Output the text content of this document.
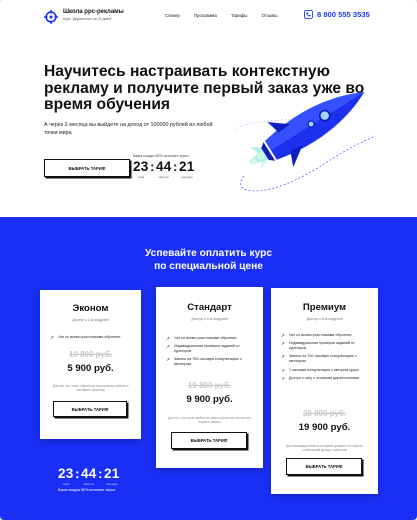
Школа ppc-рекламы
Курс "Директолог за 30 дней"
Спикер	Программа	Тарифы	Отзывы	8 800 555 3535
Научитесь настраивать контекстную рекламу и получите первый заказ уже во время обучения

А через 2 месяца вы выйдете на доход от 100000 рублей из любой точки мира

ВЫБРАТЬ ТАРИФ
Ваша скидка 50% истекает через
23
часа
: 44
минуты
: 21
секунды
Успевайте оплатить курс
по специальной цене
Эконом
Доступ к 2-м модулей
↗ Чат со всеми участниками обучения
10 800 руб.
5 900 руб.
Для тех, кто хочет обучиться на реальных кейсах и поставить практику
ВЫБРАТЬ ТАРИФ
Стандарт
Доступ к 4-м модулей
↗ Чат со всеми участниками обучения
↗ Индивидуальная проверка заданий от кураторов
↗ Запись на 700-часовую консультацию с ментором
19 800 руб.
9 900 руб.
Для тех, кто хочет выйти на запуск проектов и получить первые заказы
ВЫБРАТЬ ТАРИФ
Премиум
Доступ к 6-м модулей
↗ Чат со всеми участниками обучения
↗ Индивидуальная проверка заданий от кураторов
↗ Запись на 700-часовую консультацию с ментором
↗ 1 часовая консультация с автором курса
↗ Доступ к чату с готовыми директологами
38 800 руб.
19 900 руб.
Для желающих выйти на новый уровень и получить стабильный доход с клиентов
ВЫБРАТЬ ТАРИФ
23
часа
: 44
минуты
: 21
секунды
Ваша скидка 50% истекает через
